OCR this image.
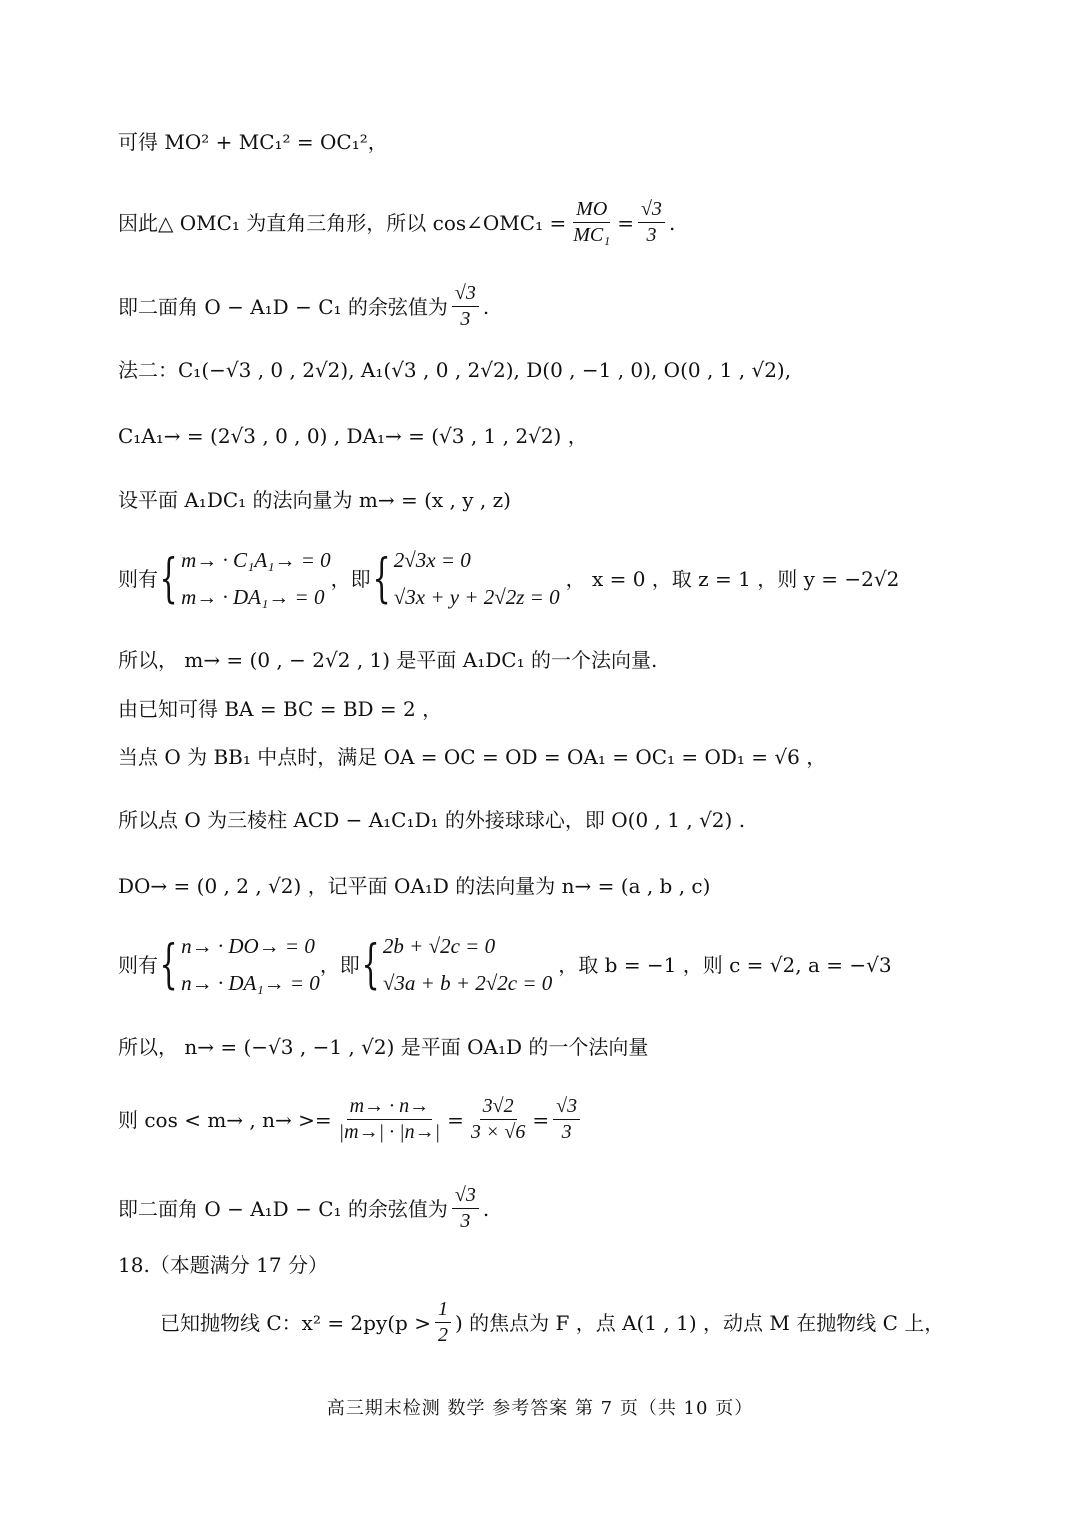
可得 MO² + MC₁² = OC₁²，
因此△ OMC₁ 为直角三角形，所以 cos∠OMC₁ = $\frac{MO}{\text{MC₁}} = \frac{√3}{3}$ .
即二面角 O − A₁D − C₁ 的余弦值为 $\frac{√3}{3}$ .
法二：C₁(−√3 , 0 , 2√2), A₁(√3 , 0 , 2√2), D(0 , −1 , 0), O(0 , 1 , √2),
C₁A₁→ = (2√3 , 0 , 0) , DA₁→ = (√3 , 1 , 2√2) ，
设平面 A₁DC₁ 的法向量为 m→ = (x , y , z)
则有 { m→ · C₁A₁→ = 0
m→ · DA₁→ = 0
，即 { 2√3x = 0
√3x + y + 2√2z = 0
， x = 0 ，取 z = 1 ，则 y = −2√2
所以， m→ = (0 , − 2√2 , 1) 是平面 A₁DC₁ 的一个法向量.
由已知可得 BA = BC = BD = 2 ，
当点 O 为 BB₁ 中点时，满足 OA = OC = OD = OA₁ = OC₁ = OD₁ = √6 ，
所以点 O 为三棱柱 ACD − A₁C₁D₁ 的外接球球心，即 O(0 , 1 , √2) .
DO→ = (0 , 2 , √2) ，记平面 OA₁D 的法向量为 n→ = (a , b , c)
则有 { n→ · DO→ = 0
n→ · DA₁→ = 0
，即 { 2b + √2c = 0
√3a + b + 2√2c = 0
，取 b = −1 ，则 c = √2, a = −√3
所以， n→ = (−√3 , −1 , √2) 是平面 OA₁D 的一个法向量
则 cos < m→ , $n\to >= \frac{m\to \cdot n\to}{|m\to| \cdot |n\to|} = \frac{3√2}{3 \times √6} = \frac{√3}{3}$
即二面角 O − A₁D − C₁ 的余弦值为 $\frac{√3}{3}$ .
18.（本题满分 17 分）
已知抛物线 C：$x^2 = 2py(p > \frac{1}{2}$ ) 的焦点为 F ，点 A(1 , 1) ，动点 M 在抛物线 C 上，
高三期末检测 数学 参考答案 第 7 页（共 10 页）
